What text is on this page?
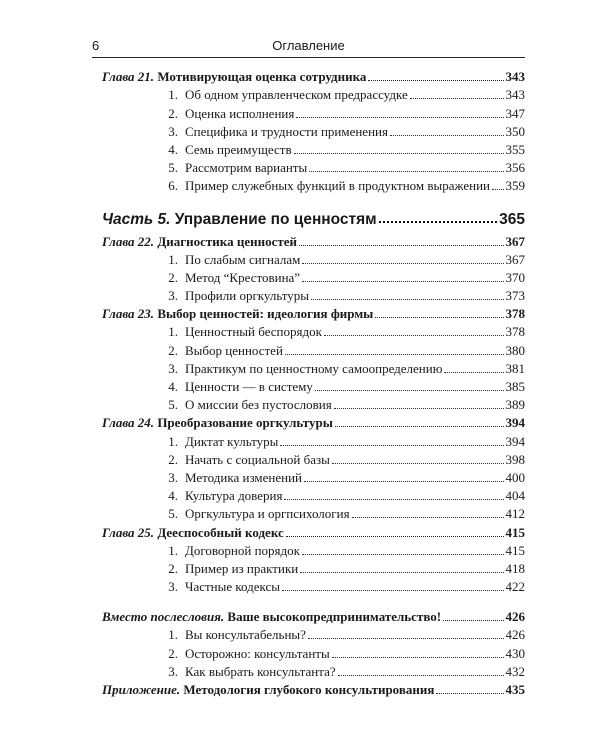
6	Оглавление
Глава 21. Мотивирующая оценка сотрудника	343
1. Об одном управленческом предрассудке	343
2. Оценка исполнения	347
3. Специфика и трудности применения	350
4. Семь преимуществ	355
5. Рассмотрим варианты	356
6. Пример служебных функций в продуктном выражении 359
Часть 5. Управление по ценностям	365
Глава 22. Диагностика ценностей	367
1. По слабым сигналам	367
2. Метод “Крестовина”	370
3. Профили оргкультуры	373
Глава 23. Выбор ценностей: идеология фирмы	378
1. Ценностный беспорядок	378
2. Выбор ценностей	380
3. Практикум по ценностному самоопределению	381
4. Ценности — в систему	385
5. О миссии без пустословия	389
Глава 24. Преобразование оргкультуры	394
1. Диктат культуры	394
2. Начать с социальной базы	398
3. Методика изменений	400
4. Культура доверия	404
5. Оргкультура и оргпсихология	412
Глава 25. Дееспособный кодекс	415
1. Договорной порядок	415
2. Пример из практики	418
3. Частные кодексы	422
Вместо послесловия. Ваше высокопредпринимательство!	426
1. Вы консультабельны?	426
2. Осторожно: консультанты	430
3. Как выбрать консультанта?	432
Приложение. Методология глубокого консультирования	435
